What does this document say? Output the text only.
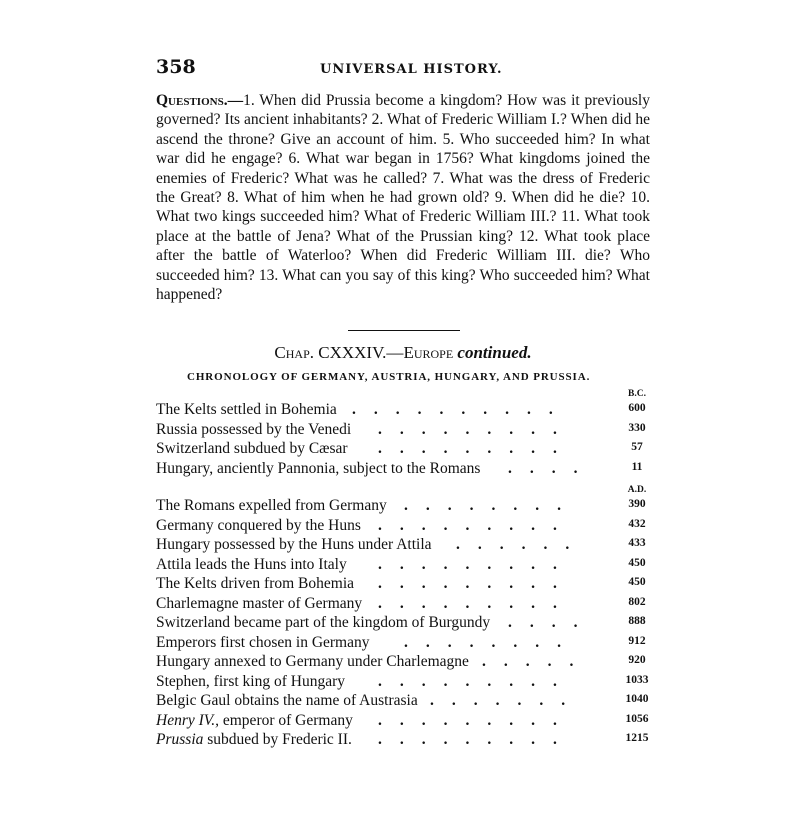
358	UNIVERSAL HISTORY.
Questions.—1. When did Prussia become a kingdom? How was it previously governed? Its ancient inhabitants? 2. What of Frederic William I.? When did he ascend the throne? Give an account of him. 5. Who succeeded him? In what war did he engage? 6. What war began in 1756? What kingdoms joined the enemies of Frederic? What was he called? 7. What was the dress of Frederic the Great? 8. What of him when he had grown old? 9. When did he die? 10. What two kings succeeded him? What of Frederic William III.? 11. What took place at the battle of Jena? What of the Prussian king? 12. What took place after the battle of Waterloo? When did Frederic William III. die? Who succeeded him? 13. What can you say of this king? Who succeeded him? What happened?
Chap. CXXXIV.—Europe continued.
CHRONOLOGY OF GERMANY, AUSTRIA, HUNGARY, AND PRUSSIA.
B.C.
The Kelts settled in Bohemia ..........	600
Russia possessed by the Venedi .........	330
Switzerland subdued by Cæsar .........	57
Hungary, anciently Pannonia, subject to the Romans ....	11
A.D.
The Romans expelled from Germany ........	390
Germany conquered by the Huns .........	432
Hungary possessed by the Huns under Attila ......	433
Attila leads the Huns into Italy .........	450
The Kelts driven from Bohemia .........	450
Charlemagne master of Germany .........	802
Switzerland became part of the kingdom of Burgundy ....	888
Emperors first chosen in Germany ........	912
Hungary annexed to Germany under Charlemagne .....	920
Stephen, first king of Hungary .........	1033
Belgic Gaul obtains the name of Austrasia .......	1040
Henry IV., emperor of Germany .........	1056
Prussia subdued by Frederic II. .........	1215
